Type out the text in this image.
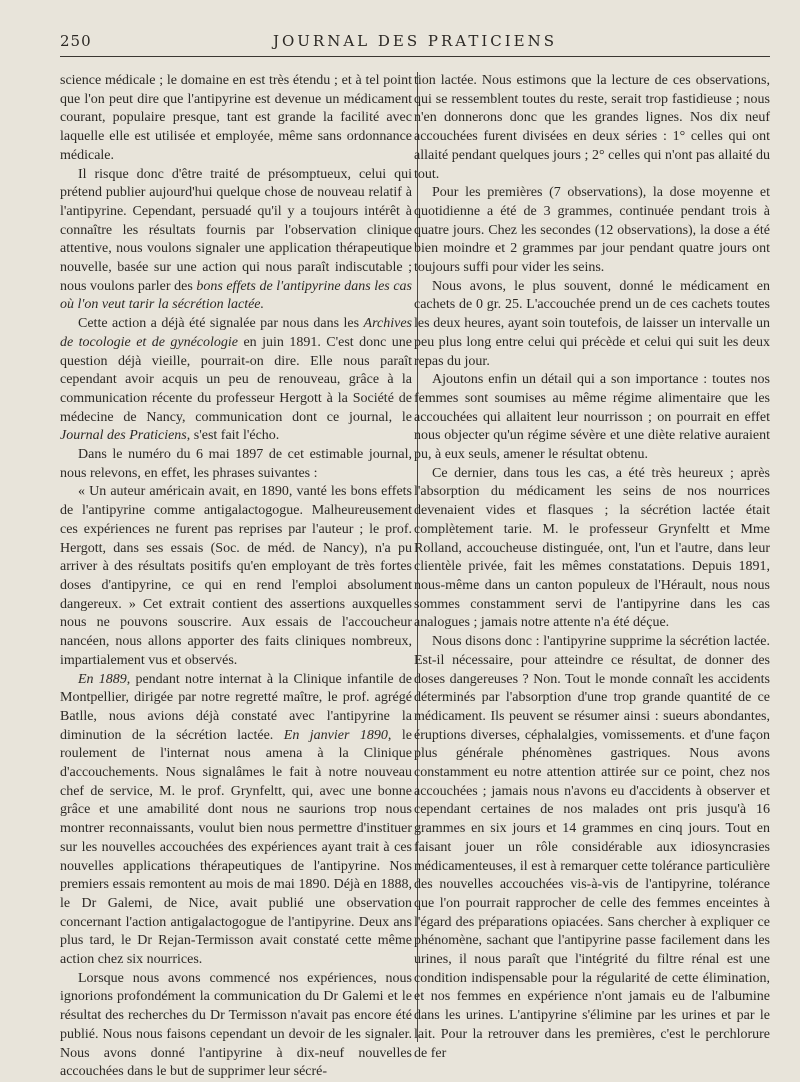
250	JOURNAL DES PRATICIENS

science médicale ; le domaine en est très étendu ; et à tel point que l'on peut dire que l'antipyrine est devenue un médicament courant, populaire presque, tant est grande la facilité avec laquelle elle est utilisée et employée, même sans ordonnance médicale.

Il risque donc d'être traité de présomptueux, celui qui prétend publier aujourd'hui quelque chose de nouveau relatif à l'antipyrine. Cependant, persuadé qu'il y a toujours intérêt à connaître les résultats fournis par l'observation clinique attentive, nous voulons signaler une application thérapeutique nouvelle, basée sur une action qui nous paraît indiscutable ; nous voulons parler des bons effets de l'antipyrine dans les cas où l'on veut tarir la sécrétion lactée.

Cette action a déjà été signalée par nous dans les Archives de tocologie et de gynécologie en juin 1891. C'est donc une question déjà vieille, pourrait-on dire. Elle nous paraît cependant avoir acquis un peu de renouveau, grâce à la communication récente du professeur Hergott à la Société de médecine de Nancy, communication dont ce journal, le Journal des Praticiens, s'est fait l'écho.

Dans le numéro du 6 mai 1897 de cet estimable journal, nous relevons, en effet, les phrases suivantes :

« Un auteur américain avait, en 1890, vanté les bons effets de l'antipyrine comme antigalactogogue. Malheureusement ces expériences ne furent pas reprises par l'auteur ; le prof. Hergott, dans ses essais (Soc. de méd. de Nancy), n'a pu arriver à des résultats positifs qu'en employant de très fortes doses d'antipyrine, ce qui en rend l'emploi absolument dangereux. » Cet extrait contient des assertions auxquelles nous ne pouvons souscrire. Aux essais de l'accoucheur nancéen, nous allons apporter des faits cliniques nombreux, impartialement vus et observés.

En 1889, pendant notre internat à la Clinique infantile de Montpellier, dirigée par notre regretté maître, le prof. agrégé Batlle, nous avions déjà constaté avec l'antipyrine la diminution de la sécrétion lactée. En janvier 1890, le roulement de l'internat nous amena à la Clinique d'accouchements. Nous signalâmes le fait à notre nouveau chef de service, M. le prof. Grynfeltt, qui, avec une bonne grâce et une amabilité dont nous ne saurions trop nous montrer reconnaissants, voulut bien nous permettre d'instituer sur les nouvelles accouchées des expériences ayant trait à ces nouvelles applications thérapeutiques de l'antipyrine. Nos premiers essais remontent au mois de mai 1890. Déjà en 1888, le Dr Galemi, de Nice, avait publié une observation concernant l'action antigalactogogue de l'antipyrine. Deux ans plus tard, le Dr Rejan-Termisson avait constaté cette même action chez six nourrices.

Lorsque nous avons commencé nos expériences, nous ignorions profondément la communication du Dr Galemi et le résultat des recherches du Dr Termisson n'avait pas encore été publié. Nous nous faisons cependant un devoir de les signaler. Nous avons donné l'antipyrine à dix-neuf nouvelles accouchées dans le but de supprimer leur sécré-

tion lactée. Nous estimons que la lecture de ces observations, qui se ressemblent toutes du reste, serait trop fastidieuse ; nous n'en donnerons donc que les grandes lignes. Nos dix neuf accouchées furent divisées en deux séries : 1° celles qui ont allaité pendant quelques jours ; 2° celles qui n'ont pas allaité du tout.

Pour les premières (7 observations), la dose moyenne et quotidienne a été de 3 grammes, continuée pendant trois à quatre jours. Chez les secondes (12 observations), la dose a été bien moindre et 2 grammes par jour pendant quatre jours ont toujours suffi pour vider les seins.

Nous avons, le plus souvent, donné le médicament en cachets de 0 gr. 25. L'accouchée prend un de ces cachets toutes les deux heures, ayant soin toutefois, de laisser un intervalle un peu plus long entre celui qui précède et celui qui suit les deux repas du jour.

Ajoutons enfin un détail qui a son importance : toutes nos femmes sont soumises au même régime alimentaire que les accouchées qui allaitent leur nourrisson ; on pourrait en effet nous objecter qu'un régime sévère et une diète relative auraient pu, à eux seuls, amener le résultat obtenu.

Ce dernier, dans tous les cas, a été très heureux ; après l'absorption du médicament les seins de nos nourrices devenaient vides et flasques ; la sécrétion lactée était complètement tarie. M. le professeur Grynfeltt et Mme Rolland, accoucheuse distinguée, ont, l'un et l'autre, dans leur clientèle privée, fait les mêmes constatations. Depuis 1891, nous-même dans un canton populeux de l'Hérault, nous nous sommes constamment servi de l'antipyrine dans les cas analogues ; jamais notre attente n'a été déçue.

Nous disons donc : l'antipyrine supprime la sécrétion lactée. Est-il nécessaire, pour atteindre ce résultat, de donner des doses dangereuses ? Non. Tout le monde connaît les accidents déterminés par l'absorption d'une trop grande quantité de ce médicament. Ils peuvent se résumer ainsi : sueurs abondantes, éruptions diverses, céphalalgies, vomissements. et d'une façon plus générale phénomènes gastriques. Nous avons constamment eu notre attention attirée sur ce point, chez nos accouchées ; jamais nous n'avons eu d'accidents à observer et cependant certaines de nos malades ont pris jusqu'à 16 grammes en six jours et 14 grammes en cinq jours. Tout en faisant jouer un rôle considérable aux idiosyncrasies médicamenteuses, il est à remarquer cette tolérance particulière des nouvelles accouchées vis-à-vis de l'antipyrine, tolérance que l'on pourrait rapprocher de celle des femmes enceintes à l'égard des préparations opiacées. Sans chercher à expliquer ce phénomène, sachant que l'antipyrine passe facilement dans les urines, il nous paraît que l'intégrité du filtre rénal est une condition indispensable pour la régularité de cette élimination, et nos femmes en expérience n'ont jamais eu de l'albumine dans les urines. L'antipyrine s'élimine par les urines et par le lait. Pour la retrouver dans les premières, c'est le perchlorure de fer
